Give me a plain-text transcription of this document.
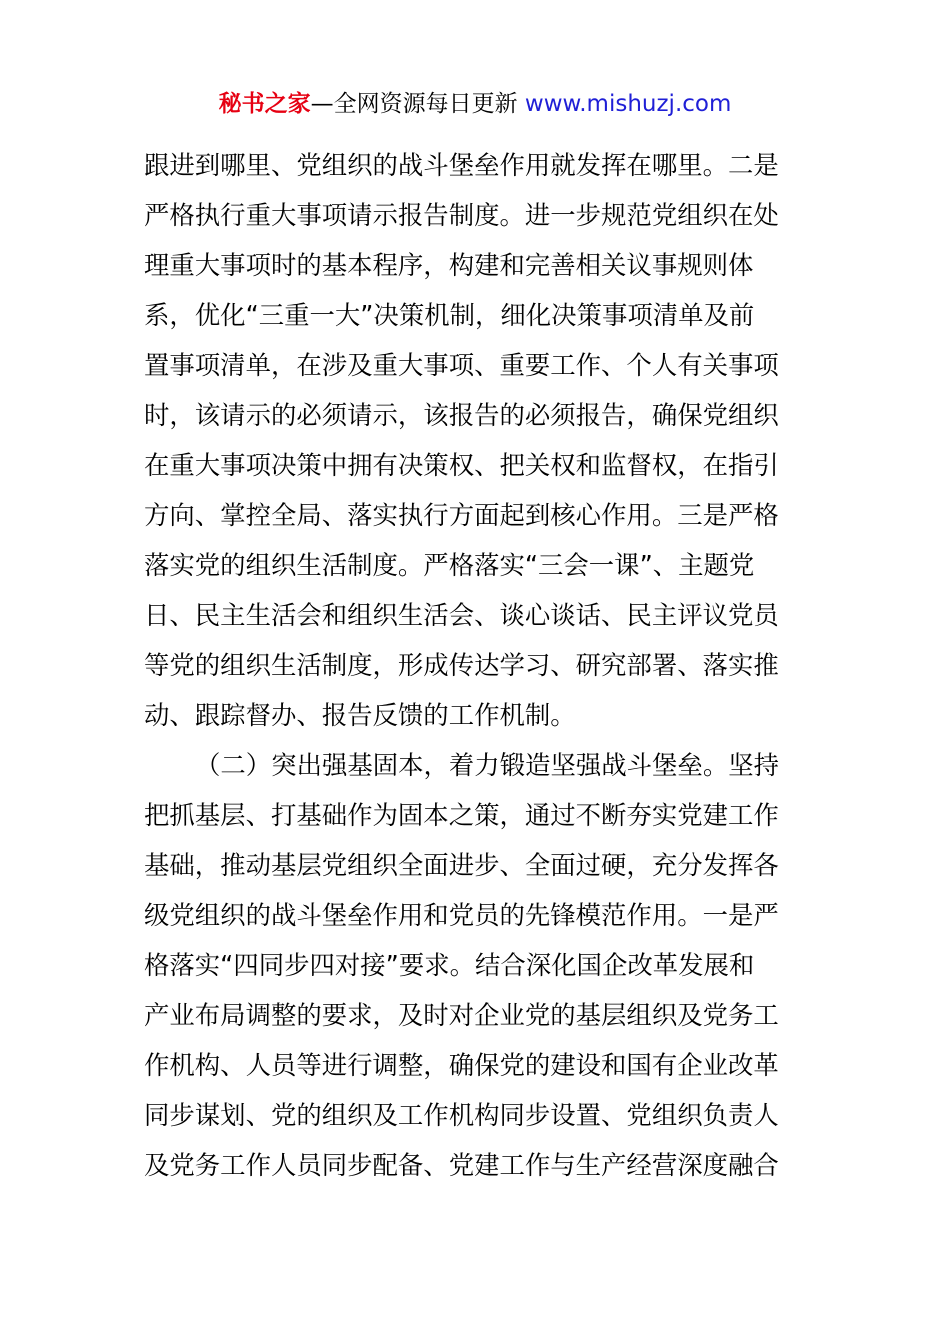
秘书之家—全网资源每日更新 www.mishuzj.com
跟进到哪里、党组织的战斗堡垒作用就发挥在哪里。二是
严格执行重大事项请示报告制度。进一步规范党组织在处
理重大事项时的基本程序，构建和完善相关议事规则体
系，优化“三重一大”决策机制，细化决策事项清单及前
置事项清单，在涉及重大事项、重要工作、个人有关事项
时，该请示的必须请示，该报告的必须报告，确保党组织
在重大事项决策中拥有决策权、把关权和监督权，在指引
方向、掌控全局、落实执行方面起到核心作用。三是严格
落实党的组织生活制度。严格落实“三会一课”、主题党
日、民主生活会和组织生活会、谈心谈话、民主评议党员
等党的组织生活制度，形成传达学习、研究部署、落实推
动、跟踪督办、报告反馈的工作机制。
（二）突出强基固本，着力锻造坚强战斗堡垒。坚持
把抓基层、打基础作为固本之策，通过不断夯实党建工作
基础，推动基层党组织全面进步、全面过硬，充分发挥各
级党组织的战斗堡垒作用和党员的先锋模范作用。一是严
格落实“四同步四对接”要求。结合深化国企改革发展和
产业布局调整的要求，及时对企业党的基层组织及党务工
作机构、人员等进行调整，确保党的建设和国有企业改革
同步谋划、党的组织及工作机构同步设置、党组织负责人
及党务工作人员同步配备、党建工作与生产经营深度融合
